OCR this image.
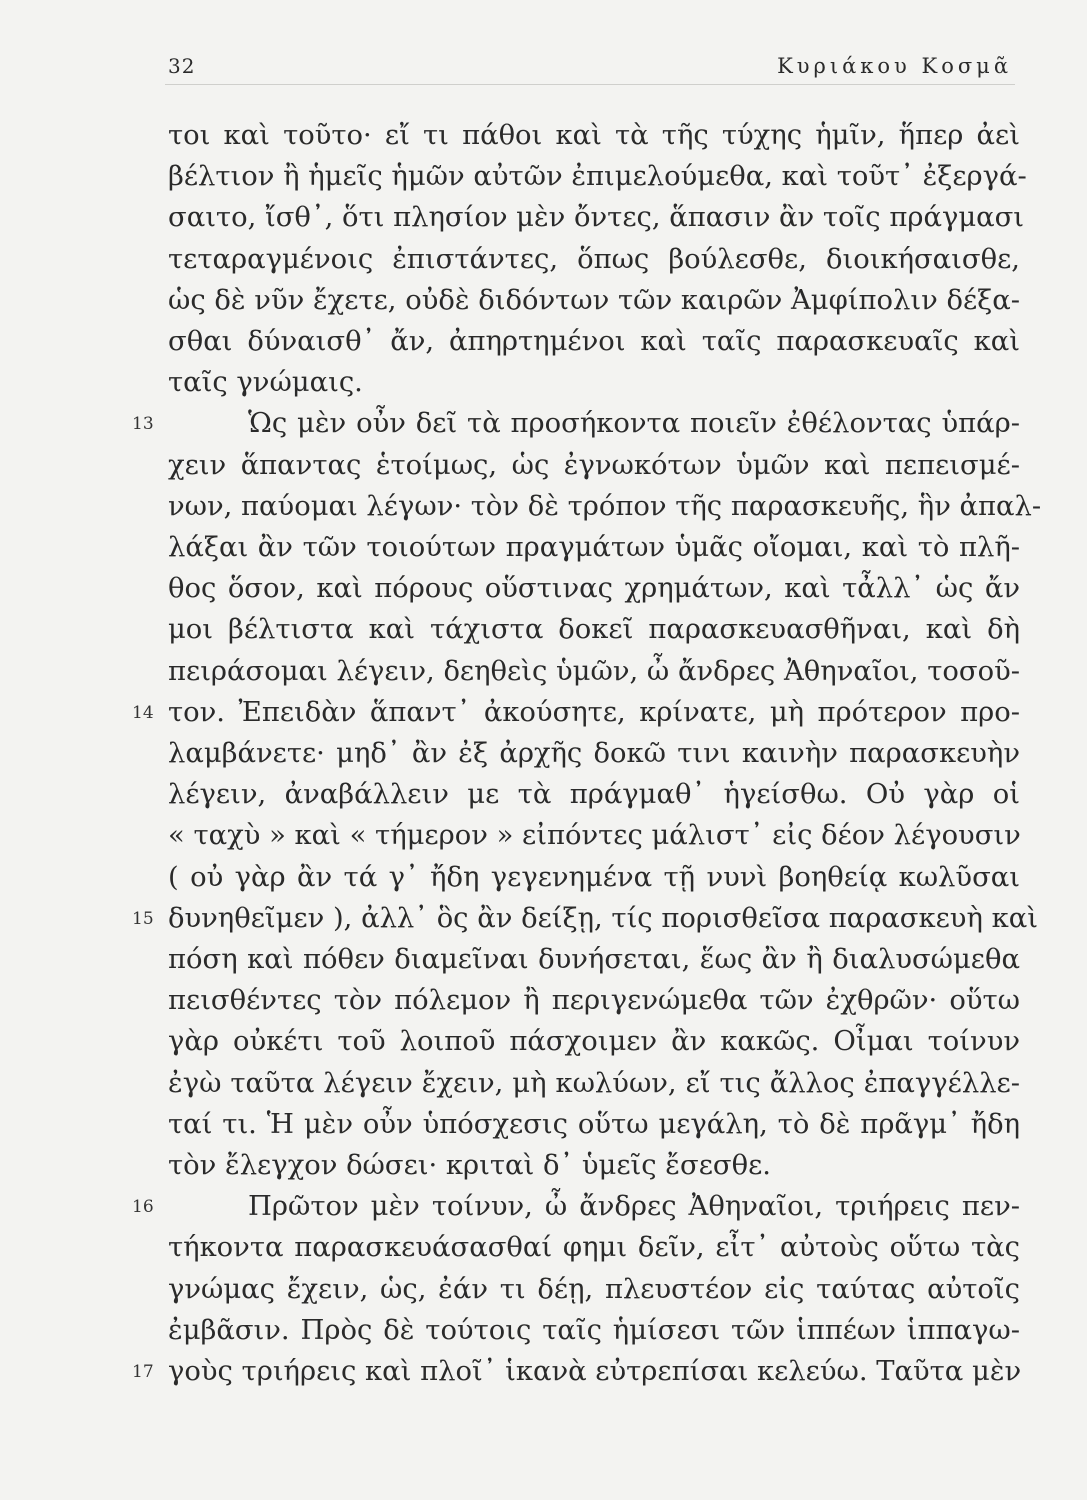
32	Κυριάκου Κοσμᾶ
τοι καὶ τοῦτο· εἴ τι πάθοι καὶ τὰ τῆς τύχης ἡμῖν, ἥπερ ἀεὶ
βέλτιον ἢ ἡμεῖς ἡμῶν αὐτῶν ἐπιμελούμεθα, καὶ τοῦτ᾽ ἐξεργά-
σαιτο, ἴσθ᾽, ὅτι πλησίον μὲν ὄντες, ἅπασιν ἂν τοῖς πράγμασι
τεταραγμένοις ἐπιστάντες, ὅπως βούλεσθε, διοικήσαισθε,
ὡς δὲ νῦν ἔχετε, οὐδὲ διδόντων τῶν καιρῶν Ἀμφίπολιν δέξα-
σθαι δύναισθ᾽ ἄν, ἀπηρτημένοι καὶ ταῖς παρασκευαῖς καὶ
ταῖς γνώμαις.
13	Ὡς μὲν οὖν δεῖ τὰ προσήκοντα ποιεῖν ἐθέλοντας ὑπάρ-
χειν ἅπαντας ἑτοίμως, ὡς ἐγνωκότων ὑμῶν καὶ πεπεισμέ-
νων, παύομαι λέγων· τὸν δὲ τρόπον τῆς παρασκευῆς, ἣν ἀπαλ-
λάξαι ἂν τῶν τοιούτων πραγμάτων ὑμᾶς οἴομαι, καὶ τὸ πλῆ-
θος ὅσον, καὶ πόρους οὕστινας χρημάτων, καὶ τἆλλ᾽ ὡς ἄν
μοι βέλτιστα καὶ τάχιστα δοκεῖ παρασκευασθῆναι, καὶ δὴ
πειράσομαι λέγειν, δεηθεὶς ὑμῶν, ὦ ἄνδρες Ἀθηναῖοι, τοσοῦ-
14 τον. Ἐπειδὰν ἅπαντ᾽ ἀκούσητε, κρίνατε, μὴ πρότερον προ-
λαμβάνετε· μηδ᾽ ἂν ἐξ ἀρχῆς δοκῶ τινι καινὴν παρασκευὴν
λέγειν, ἀναβάλλειν με τὰ πράγμαθ᾽ ἡγείσθω. Οὐ γὰρ οἱ
« ταχὺ » καὶ « τήμερον » εἰπόντες μάλιστ᾽ εἰς δέον λέγουσιν
( οὐ γὰρ ἂν τά γ᾽ ἤδη γεγενημένα τῇ νυνὶ βοηθείᾳ κωλῦσαι
15 δυνηθεῖμεν ), ἀλλ᾽ ὃς ἂν δείξῃ, τίς πορισθεῖσα παρασκευὴ καὶ
πόση καὶ πόθεν διαμεῖναι δυνήσεται, ἕως ἂν ἢ διαλυσώμεθα
πεισθέντες τὸν πόλεμον ἢ περιγενώμεθα τῶν ἐχθρῶν· οὕτω
γὰρ οὐκέτι τοῦ λοιποῦ πάσχοιμεν ἂν κακῶς. Οἶμαι τοίνυν
ἐγὼ ταῦτα λέγειν ἔχειν, μὴ κωλύων, εἴ τις ἄλλος ἐπαγγέλλε-
ταί τι. Ἡ μὲν οὖν ὑπόσχεσις οὕτω μεγάλη, τὸ δὲ πρᾶγμ᾽ ἤδη
τὸν ἔλεγχον δώσει· κριταὶ δ᾽ ὑμεῖς ἔσεσθε.
16	Πρῶτον μὲν τοίνυν, ὦ ἄνδρες Ἀθηναῖοι, τριήρεις πεν-
τήκοντα παρασκευάσασθαί φημι δεῖν, εἶτ᾽ αὐτοὺς οὕτω τὰς
γνώμας ἔχειν, ὡς, ἐάν τι δέῃ, πλευστέον εἰς ταύτας αὐτοῖς
ἐμβᾶσιν. Πρὸς δὲ τούτοις ταῖς ἡμίσεσι τῶν ἱππέων ἱππαγω-
17 γοὺς τριήρεις καὶ πλοῖ᾽ ἱκανὰ εὐτρεπίσαι κελεύω. Ταῦτα μὲν
